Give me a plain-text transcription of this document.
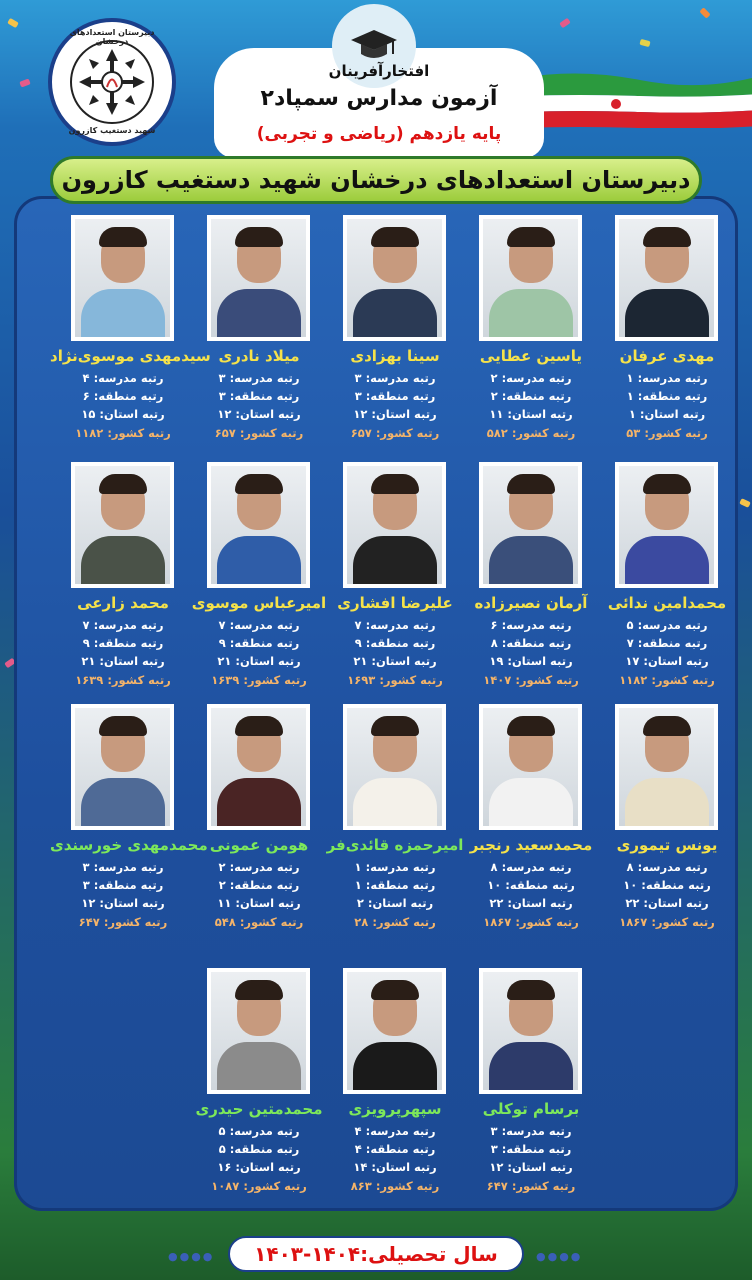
دبیرستان استعدادهای درخشان
شهید دستغیب کازرون
افتخارآفرینان
آزمون مدارس سمپاد۲
پایه یازدهم (ریاضی و تجربی)
دبیرستان استعدادهای درخشان شهید دستغیب کازرون
مهدی عرفان
رتبه مدرسه: ۱
رتبه منطقه: ۱
رتبه استان: ۱
رتبه کشور: ۵۳
یاسین عطایی
رتبه مدرسه: ۲
رتبه منطقه: ۲
رتبه استان: ۱۱
رتبه کشور: ۵۸۲
سینا بهزادی
رتبه مدرسه: ۳
رتبه منطقه: ۳
رتبه استان: ۱۲
رتبه کشور: ۶۵۷
میلاد نادری
رتبه مدرسه: ۳
رتبه منطقه: ۳
رتبه استان: ۱۲
رتبه کشور: ۶۵۷
سیدمهدی موسوی‌نژاد
رتبه مدرسه: ۴
رتبه منطقه: ۶
رتبه استان: ۱۵
رتبه کشور: ۱۱۸۲
محمدامین ندائی
رتبه مدرسه: ۵
رتبه منطقه: ۷
رتبه استان: ۱۷
رتبه کشور: ۱۱۸۲
آرمان نصیرزاده
رتبه مدرسه: ۶
رتبه منطقه: ۸
رتبه استان: ۱۹
رتبه کشور: ۱۴۰۷
علیرضا افشاری
رتبه مدرسه: ۷
رتبه منطقه: ۹
رتبه استان: ۲۱
رتبه کشور: ۱۶۹۳
امیرعباس موسوی
رتبه مدرسه: ۷
رتبه منطقه: ۹
رتبه استان: ۲۱
رتبه کشور: ۱۶۳۹
محمد زارعی
رتبه مدرسه: ۷
رتبه منطقه: ۹
رتبه استان: ۲۱
رتبه کشور: ۱۶۳۹
یونس تیموری
رتبه مدرسه: ۸
رتبه منطقه: ۱۰
رتبه استان: ۲۲
رتبه کشور: ۱۸۶۷
محمدسعید رنجبر
رتبه مدرسه: ۸
رتبه منطقه: ۱۰
رتبه استان: ۲۲
رتبه کشور: ۱۸۶۷
امیرحمزه قائدی‌فر
رتبه مدرسه: ۱
رتبه منطقه: ۱
رتبه استان: ۲
رتبه کشور: ۲۸
هومن عمونی
رتبه مدرسه: ۲
رتبه منطقه: ۲
رتبه استان: ۱۱
رتبه کشور: ۵۴۸
محمدمهدی خورسندی
رتبه مدرسه: ۳
رتبه منطقه: ۳
رتبه استان: ۱۲
رتبه کشور: ۶۴۷
برسام توکلی
رتبه مدرسه: ۳
رتبه منطقه: ۳
رتبه استان: ۱۲
رتبه کشور: ۶۴۷
سپهرپرویزی
رتبه مدرسه: ۴
رتبه منطقه: ۴
رتبه استان: ۱۴
رتبه کشور: ۸۶۳
محمدمتین حیدری
رتبه مدرسه: ۵
رتبه منطقه: ۵
رتبه استان: ۱۶
رتبه کشور: ۱۰۸۷
●●●●	●●●●
سال تحصیلی:۱۴۰۴-۱۴۰۳
